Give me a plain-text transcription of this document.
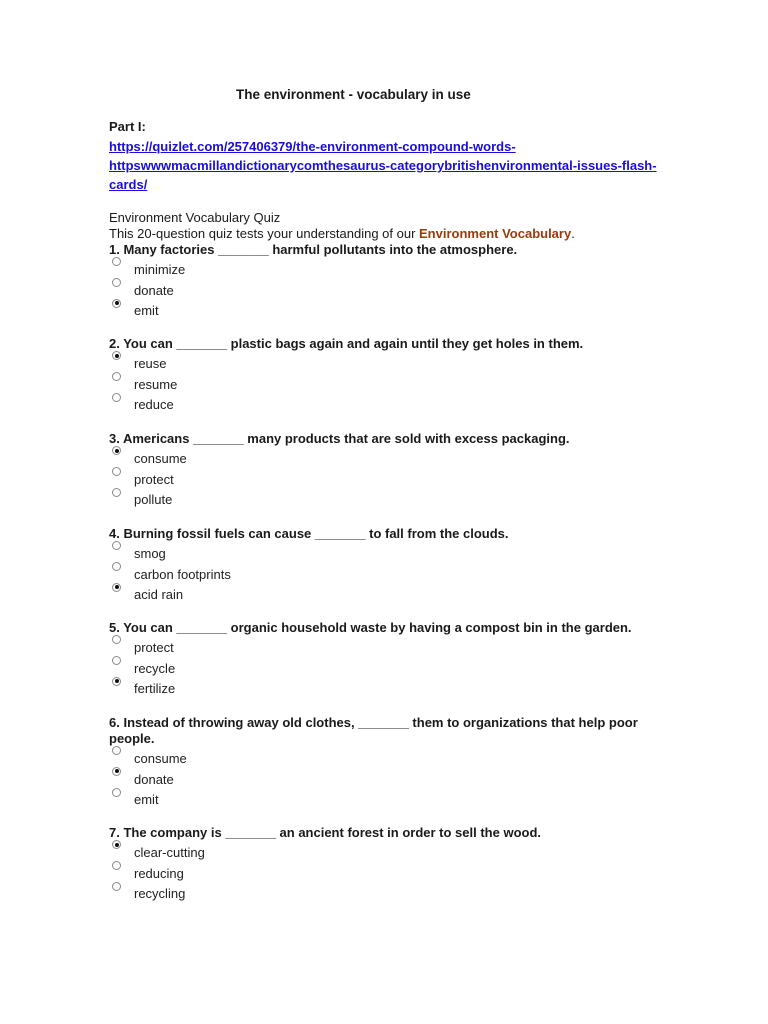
The environment - vocabulary in use
Part I:
https://quizlet.com/257406379/the-environment-compound-words-
httpswwwmacmillandictionarycomthesaurus-categorybritishenvironmental-issues-flash-
cards/
Environment Vocabulary Quiz
This 20-question quiz tests your understanding of our Environment Vocabulary.
1. Many factories _______ harmful pollutants into the atmosphere.
minimize
donate
emit
2. You can _______ plastic bags again and again until they get holes in them.
reuse
resume
reduce
3. Americans _______ many products that are sold with excess packaging.
consume
protect
pollute
4. Burning fossil fuels can cause _______ to fall from the clouds.
smog
carbon footprints
acid rain
5. You can _______ organic household waste by having a compost bin in the garden.
protect
recycle
fertilize
6. Instead of throwing away old clothes, _______ them to organizations that help poor people.
consume
donate
emit
7. The company is _______ an ancient forest in order to sell the wood.
clear-cutting
reducing
recycling
